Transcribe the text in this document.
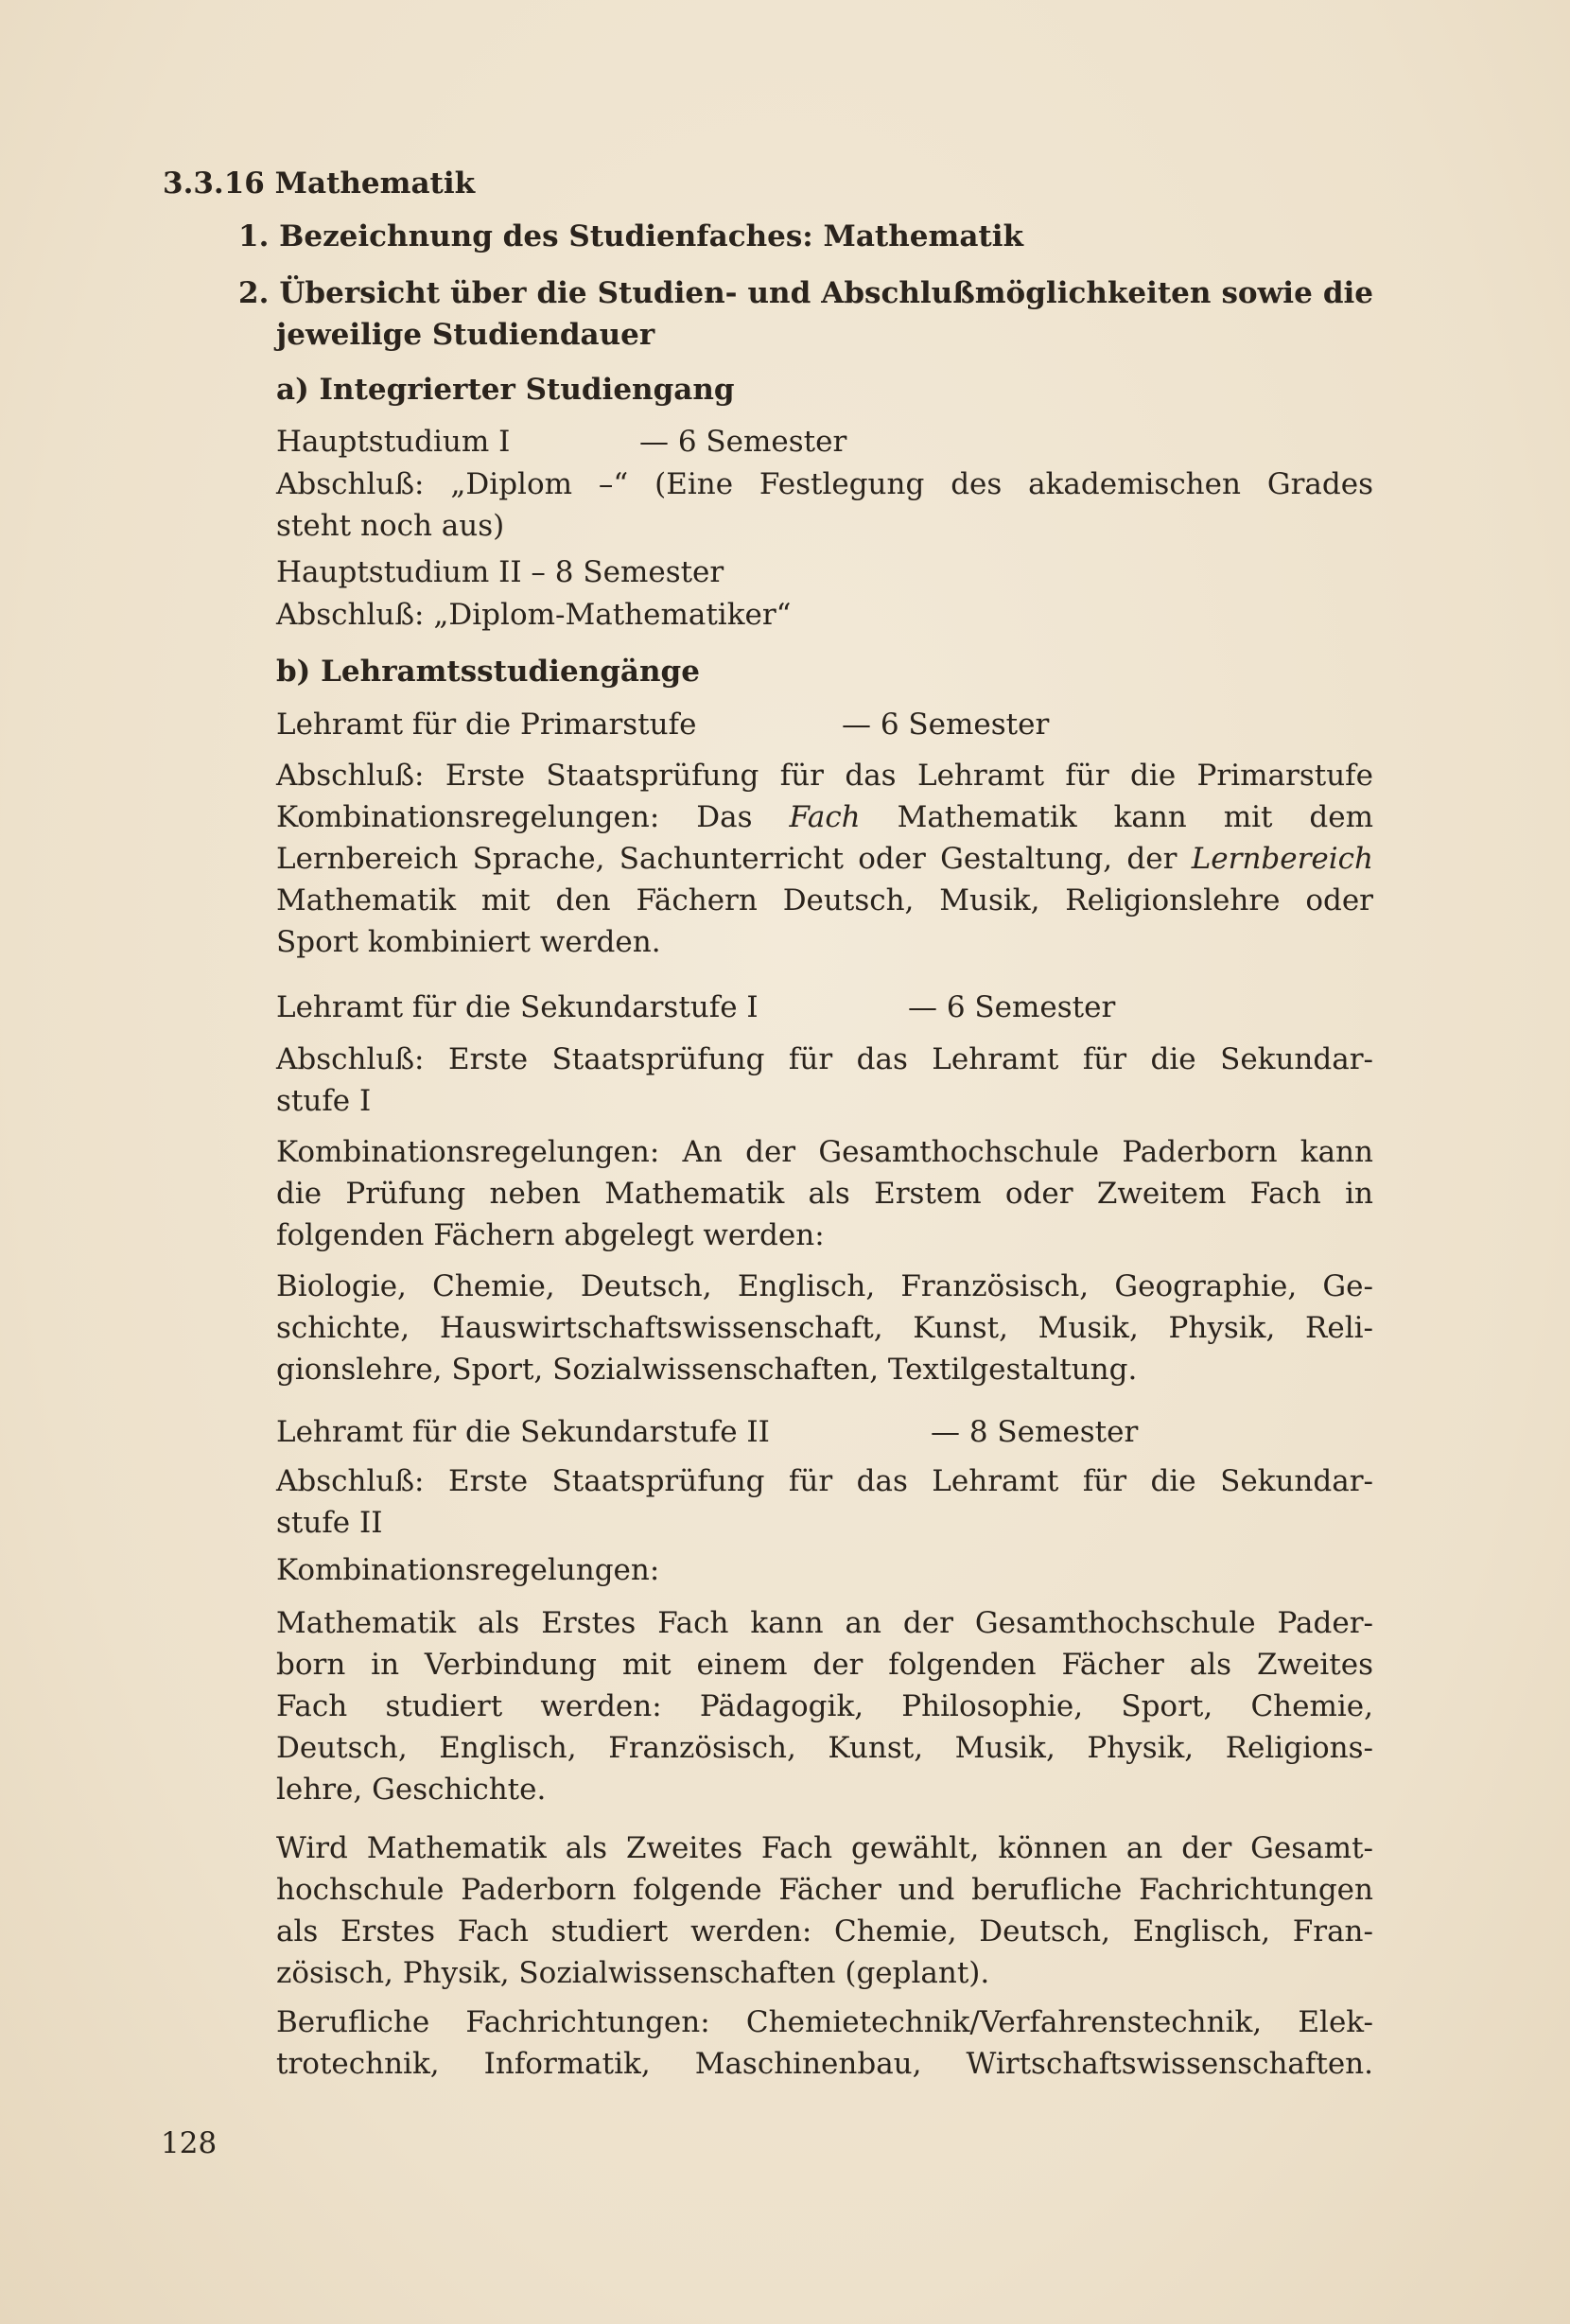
3.3.16 Mathematik
1. Bezeichnung des Studienfaches: Mathematik
2. Übersicht über die Studien- und Abschlußmöglichkeiten sowie die
jeweilige Studiendauer
a) Integrierter Studiengang
Hauptstudium I	— 6 Semester
Abschluß: „Diplom –“ (Eine Festlegung des akademischen Grades
steht noch aus)
Hauptstudium II – 8 Semester
Abschluß: „Diplom-Mathematiker“
b) Lehramtsstudiengänge
Lehramt für die Primarstufe	— 6 Semester
Abschluß: Erste Staatsprüfung für das Lehramt für die Primarstufe
Kombinationsregelungen: Das Fach Mathematik kann mit dem
Lernbereich Sprache, Sachunterricht oder Gestaltung, der Lernbereich
Mathematik mit den Fächern Deutsch, Musik, Religionslehre oder
Sport kombiniert werden.
Lehramt für die Sekundarstufe I	— 6 Semester
Abschluß: Erste Staatsprüfung für das Lehramt für die Sekundar-
stufe I
Kombinationsregelungen: An der Gesamthochschule Paderborn kann
die Prüfung neben Mathematik als Erstem oder Zweitem Fach in
folgenden Fächern abgelegt werden:
Biologie, Chemie, Deutsch, Englisch, Französisch, Geographie, Ge-
schichte, Hauswirtschaftswissenschaft, Kunst, Musik, Physik, Reli-
gionslehre, Sport, Sozialwissenschaften, Textilgestaltung.
Lehramt für die Sekundarstufe II	— 8 Semester
Abschluß: Erste Staatsprüfung für das Lehramt für die Sekundar-
stufe II
Kombinationsregelungen:
Mathematik als Erstes Fach kann an der Gesamthochschule Pader-
born in Verbindung mit einem der folgenden Fächer als Zweites
Fach studiert werden: Pädagogik, Philosophie, Sport, Chemie,
Deutsch, Englisch, Französisch, Kunst, Musik, Physik, Religions-
lehre, Geschichte.
Wird Mathematik als Zweites Fach gewählt, können an der Gesamt-
hochschule Paderborn folgende Fächer und berufliche Fachrichtungen
als Erstes Fach studiert werden: Chemie, Deutsch, Englisch, Fran-
zösisch, Physik, Sozialwissenschaften (geplant).
Berufliche Fachrichtungen: Chemietechnik/Verfahrenstechnik, Elek-
trotechnik, Informatik, Maschinenbau, Wirtschaftswissenschaften.
128
